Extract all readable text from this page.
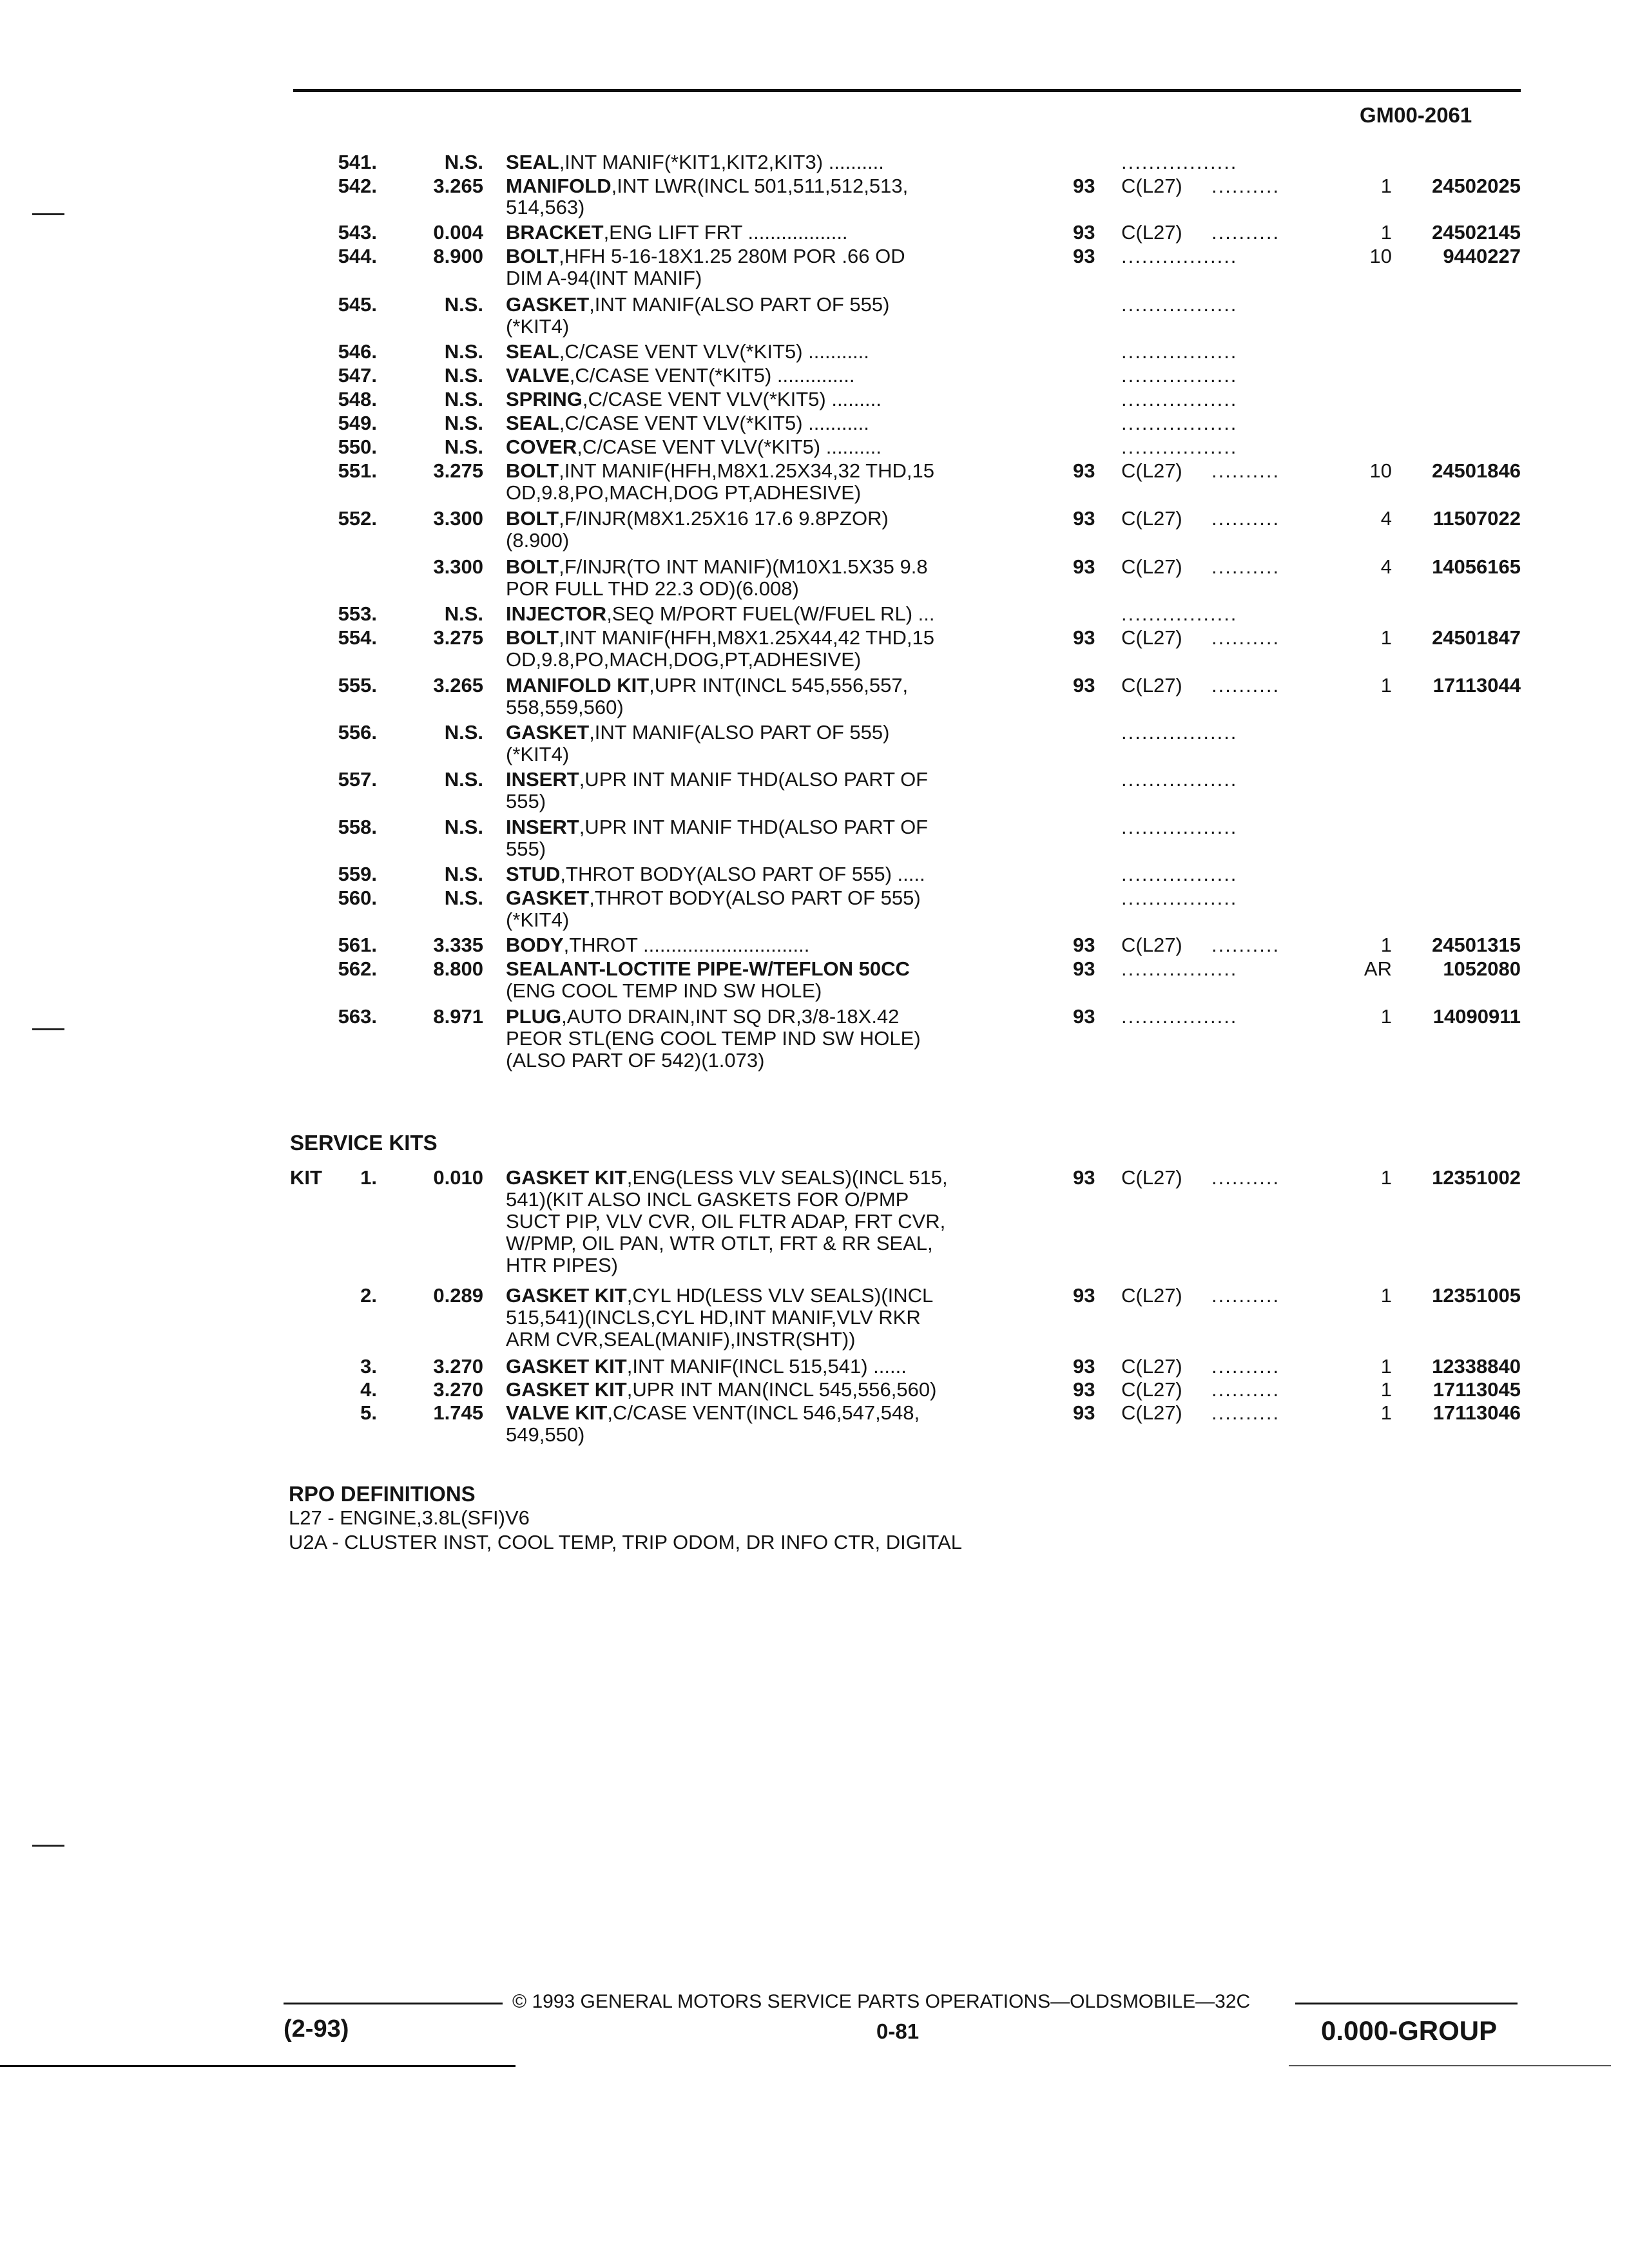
GM00-2061
541.	N.S. SEAL,INT MANIF(*KIT1,KIT2,KIT3) ..........	.................
542.	3.265 MANIFOLD,INT LWR(INCL 501,511,512,513,	93	C(L27)	..........	1	24502025
514,563)
543.	0.004 BRACKET,ENG LIFT FRT ..................	93	C(L27)	..........	1	24502145
544.	8.900 BOLT,HFH 5-16-18X1.25 280M POR .66 OD	93	.................	10	9440227
DIM A-94(INT MANIF)
545.	N.S. GASKET,INT MANIF(ALSO PART OF 555)	.................
(*KIT4)
546.	N.S. SEAL,C/CASE VENT VLV(*KIT5) ...........	.................
547.	N.S. VALVE,C/CASE VENT(*KIT5) ..............	.................
548.	N.S. SPRING,C/CASE VENT VLV(*KIT5) .........	.................
549.	N.S. SEAL,C/CASE VENT VLV(*KIT5) ...........	.................
550.	N.S. COVER,C/CASE VENT VLV(*KIT5) ..........	.................
551.	3.275 BOLT,INT MANIF(HFH,M8X1.25X34,32 THD,15	93	C(L27)	..........	10	24501846
OD,9.8,PO,MACH,DOG PT,ADHESIVE)
552.	3.300 BOLT,F/INJR(M8X1.25X16 17.6 9.8PZOR)	93	C(L27)	..........	4	11507022
(8.900)
3.300 BOLT,F/INJR(TO INT MANIF)(M10X1.5X35 9.8	93	C(L27)	..........	4	14056165
POR FULL THD 22.3 OD)(6.008)
553.	N.S. INJECTOR,SEQ M/PORT FUEL(W/FUEL RL) ...	.................
554.	3.275 BOLT,INT MANIF(HFH,M8X1.25X44,42 THD,15	93	C(L27)	..........	1	24501847
OD,9.8,PO,MACH,DOG,PT,ADHESIVE)
555.	3.265 MANIFOLD KIT,UPR INT(INCL 545,556,557,	93	C(L27)	..........	1	17113044
558,559,560)
556.	N.S. GASKET,INT MANIF(ALSO PART OF 555)	.................
(*KIT4)
557.	N.S. INSERT,UPR INT MANIF THD(ALSO PART OF	.................
555)
558.	N.S. INSERT,UPR INT MANIF THD(ALSO PART OF	.................
555)
559.	N.S. STUD,THROT BODY(ALSO PART OF 555) .....	.................
560.	N.S. GASKET,THROT BODY(ALSO PART OF 555)	.................
(*KIT4)
561.	3.335 BODY,THROT ..............................	93	C(L27)	..........	1	24501315
562.	8.800 SEALANT-LOCTITE PIPE-W/TEFLON 50CC	93	.................	AR	1052080
(ENG COOL TEMP IND SW HOLE)
563.	8.971 PLUG,AUTO DRAIN,INT SQ DR,3/8-18X.42	93	.................	1	14090911
PEOR STL(ENG COOL TEMP IND SW HOLE)
(ALSO PART OF 542)(1.073)
SERVICE KITS
KIT	1.	0.010 GASKET KIT,ENG(LESS VLV SEALS)(INCL 515,	93	C(L27)	..........	1	12351002
541)(KIT ALSO INCL GASKETS FOR O/PMP
SUCT PIP, VLV CVR, OIL FLTR ADAP, FRT CVR,
W/PMP, OIL PAN, WTR OTLT, FRT & RR SEAL,
HTR PIPES)
2.	0.289 GASKET KIT,CYL HD(LESS VLV SEALS)(INCL	93	C(L27)	..........	1	12351005
515,541)(INCLS,CYL HD,INT MANIF,VLV RKR
ARM CVR,SEAL(MANIF),INSTR(SHT))
3.	3.270 GASKET KIT,INT MANIF(INCL 515,541) ......	93	C(L27)	..........	1	12338840
4.	3.270 GASKET KIT,UPR INT MAN(INCL 545,556,560)	93	C(L27)	..........	1	17113045
5.	1.745 VALVE KIT,C/CASE VENT(INCL 546,547,548,	93	C(L27)	..........	1	17113046
549,550)
RPO DEFINITIONS
L27 - ENGINE,3.8L(SFI)V6
U2A - CLUSTER INST, COOL TEMP, TRIP ODOM, DR INFO CTR, DIGITAL
© 1993 GENERAL MOTORS SERVICE PARTS OPERATIONS—OLDSMOBILE—32C
(2-93)	0-81	0.000-GROUP
